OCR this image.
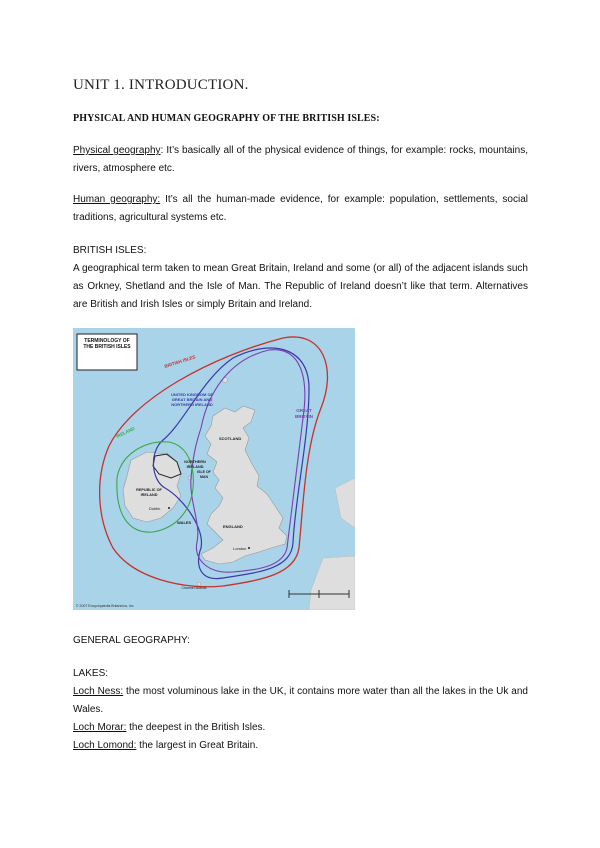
UNIT 1. INTRODUCTION.
PHYSICAL AND HUMAN GEOGRAPHY OF THE BRITISH ISLES:

Physical geography: It’s basically all of the physical evidence of things, for example: rocks, mountains, rivers, atmosphere etc.

Human geography: It’s all the human-made evidence, for example: population, settlements, social traditions, agricultural systems etc.

BRITISH ISLES:

A geographical term taken to mean Great Britain, Ireland and some (or all) of the adjacent islands such as Orkney, Shetland and the Isle of Man. The Republic of Ireland doesn’t like that term. Alternatives are British and Irish Isles or simply Britain and Ireland.

TERMINOLOGY OF THE BRITISH ISLES
BRITISH ISLES
UNITED KINGDOM OF GREAT BRITAIN AND NORTHERN IRELAND
GREAT BRITAIN
IRELAND
NORTHERN IRELAND
REPUBLIC OF IRELAND
Dublin
ISLE OF MAN
SCOTLAND
WALES
ENGLAND
London
Channel Islands
© 2007 Encyclopædia Britannica, Inc.

GENERAL GEOGRAPHY:

LAKES:

Loch Ness: the most voluminous lake in the UK, it contains more water than all the lakes in the Uk and Wales.

Loch Morar: the deepest in the British Isles.

Loch Lomond: the largest in Great Britain.
